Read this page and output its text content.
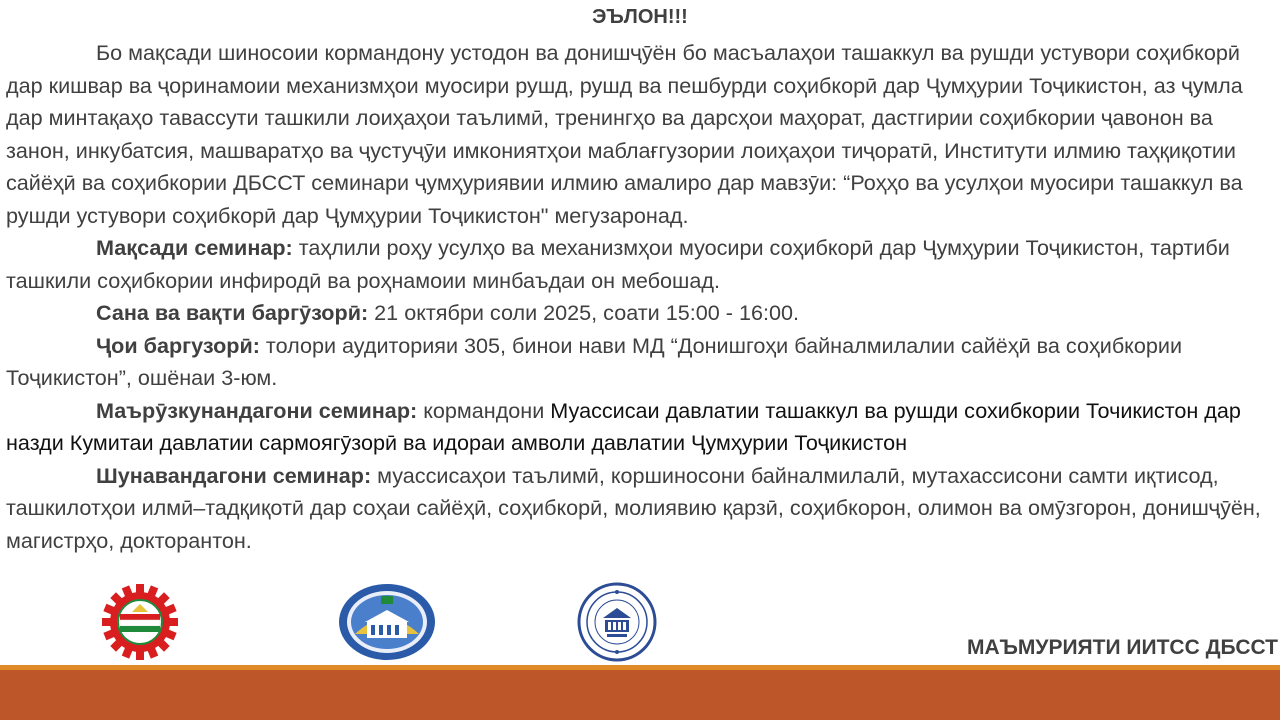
ЭЪЛОН!!!

Бо мақсади шиносоии кормандону устодон ва донишҷӯён бо масъалаҳои ташаккул ва рушди устувори соҳибкорӣ дар кишвар ва ҷоринамоии механизмҳои муосири рушд, рушд ва пешбурди соҳибкорӣ дар Ҷумҳурии Тоҷикистон, аз ҷумла дар минтақаҳо тавассути ташкили лоиҳаҳои таълимӣ, тренингҳо ва дарсҳои маҳорат, дастгирии соҳибкории ҷавонон ва занон, инкубатсия, машваратҳо ва ҷустуҷӯи имкониятҳои маблағгузории лоиҳаҳои тиҷоратӣ, Институти илмию таҳқиқотии сайёҳӣ ва соҳибкории ДБССТ семинари ҷумҳуриявии илмию амалиро дар мавзӯи: “Роҳҳо ва усулҳои муосири ташаккул ва рушди устувори соҳибкорӣ дар Ҷумҳурии Тоҷикистон" мегузаронад.

Мақсади семинар: таҳлили роҳу усулҳо ва механизмҳои муосири соҳибкорӣ дар Ҷумҳурии Тоҷикистон, тартиби ташкили соҳибкории инфиродӣ ва роҳнамоии минбаъдаи он мебошад.

Сана ва вақти баргӯзорӣ: 21 октябри соли 2025, соати 15:00 - 16:00.

Ҷои баргузорӣ: толори аудиторияи 305, бинои нави МД “Донишгоҳи байналмилалии сайёҳӣ ва соҳибкории Тоҷикистон”, ошёнаи 3-юм.

Маърӯзкунандагони семинар: кормандони Муассисаи давлатии ташаккул ва рушди сохибкории Точикистон дар назди Кумитаи давлатии сармоягӯзорӣ ва идораи амволи давлатии Ҷумҳурии Тоҷикистон

Шунавандагони семинар: муассисаҳои таълимӣ, коршиносони байналмилалӣ, мутахассисони самти иқтисод, ташкилотҳои илмӣ–тадқиқотӣ дар соҳаи сайёҳӣ, соҳибкорӣ, молиявию қарзӣ, соҳибкорон, олимон ва омӯзгорон, донишҷӯён, магистрҳо, докторантон.

МАЪМУРИЯТИ ИИТСС ДБССТ
